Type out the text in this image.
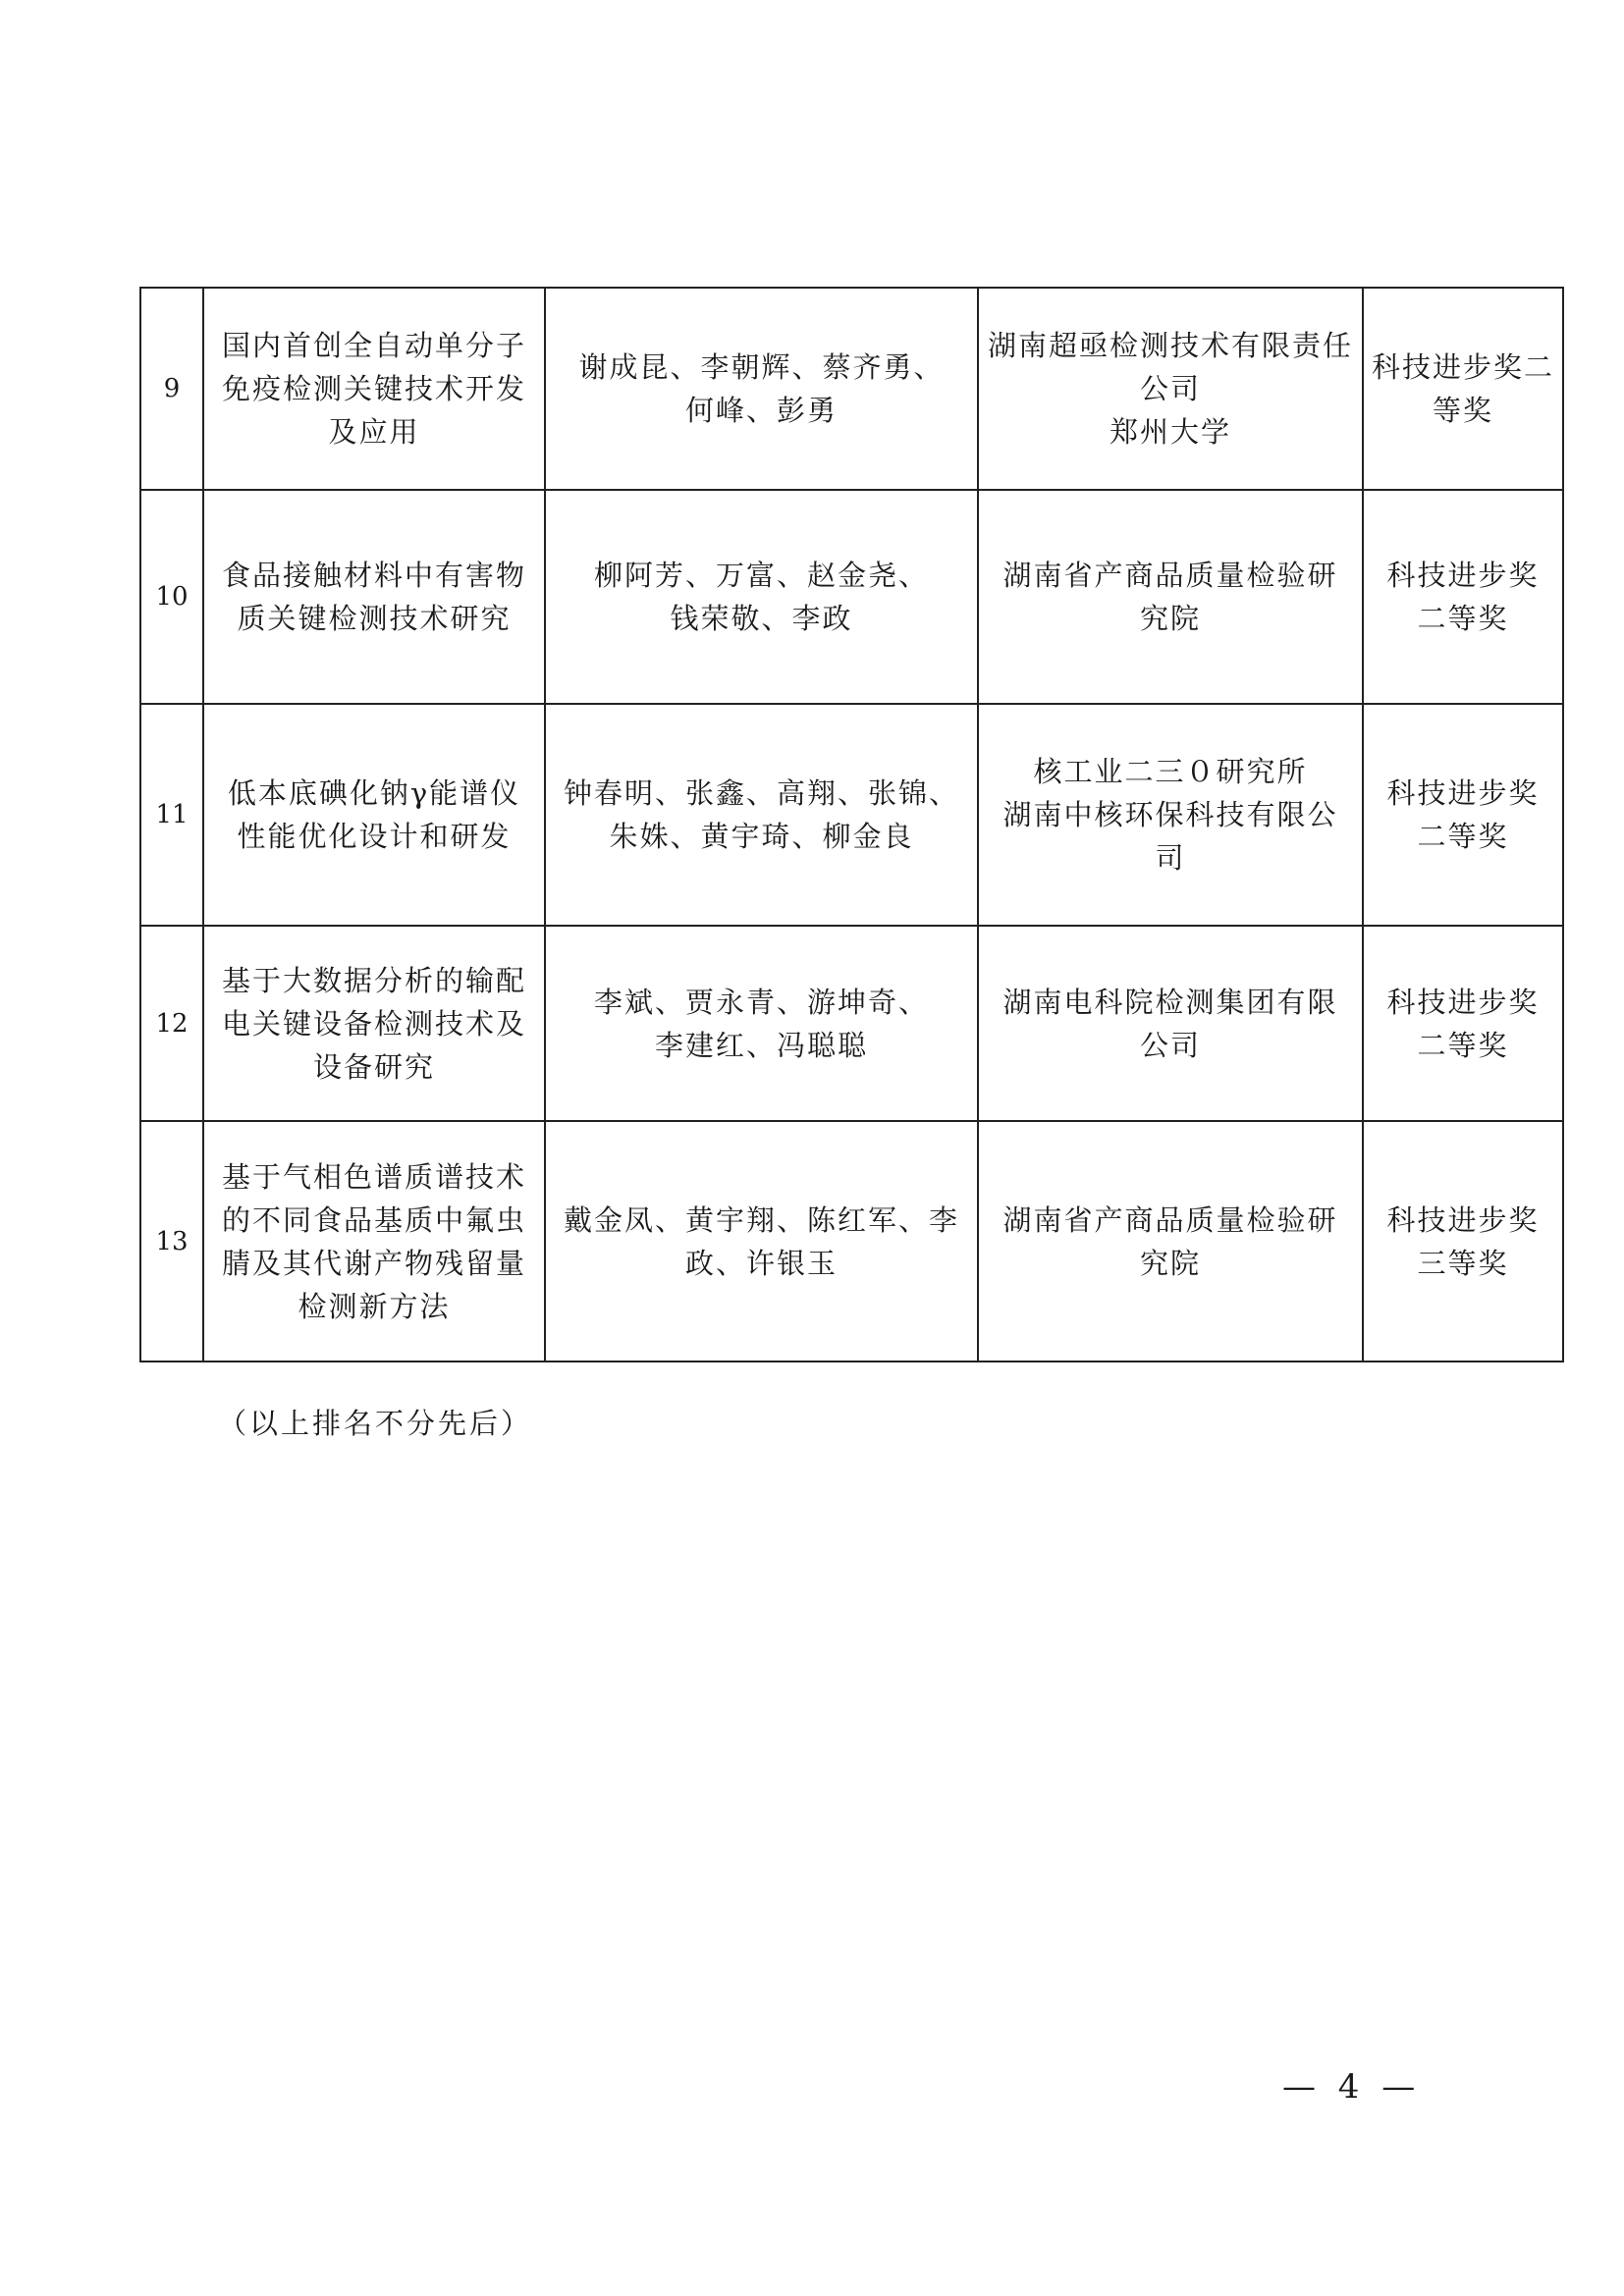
9	国内首创全自动单分子
免疫检测关键技术开发
及应用	谢成昆、李朝辉、蔡齐勇、
何峰、彭勇	湖南超亟检测技术有限责任
公司
郑州大学	科技进步奖二
等奖

10	食品接触材料中有害物
质关键检测技术研究	柳阿芳、万富、赵金尧、
钱荣敬、李政	湖南省产商品质量检验研
究院	科技进步奖
二等奖

11	低本底碘化钠γ能谱仪
性能优化设计和研发	钟春明、张鑫、高翔、张锦、
朱姝、黄宇琦、柳金良	核工业二三０研究所
湖南中核环保科技有限公
司	科技进步奖
二等奖

12	基于大数据分析的输配
电关键设备检测技术及
设备研究	李斌、贾永青、游坤奇、
李建红、冯聪聪	湖南电科院检测集团有限
公司	科技进步奖
二等奖

13	基于气相色谱质谱技术
的不同食品基质中氟虫
腈及其代谢产物残留量
检测新方法	戴金凤、黄宇翔、陈红军、李
政、许银玉	湖南省产商品质量检验研
究院	科技进步奖
三等奖
（以上排名不分先后）
— 4 —
